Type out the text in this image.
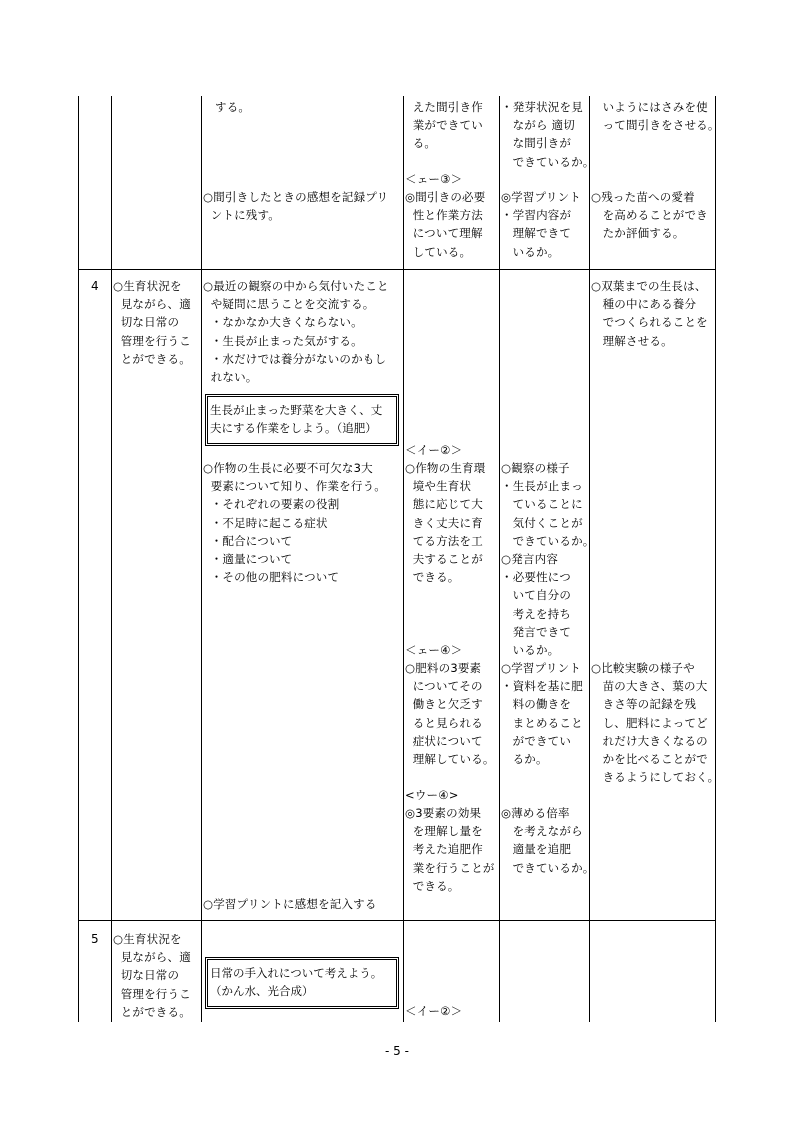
する。
○間引きしたときの感想を記録プリ
ントに残す。
えた間引き作
業ができてい
る。
＜ェー③＞
◎間引きの必要
性と作業方法
について理解
している。
・発芽状況を見
ながら 適切
な間引きが
できているか。
◎学習プリント
・学習内容が
理解できて
いるか。
いようにはさみを使
って間引きをさせる。
○残った苗への愛着
を高めることができ
たか評価する。
4 ○生育状況を
見ながら、適
切な日常の
管理を行うこ
とができる。
○最近の観察の中から気付いたこと
や疑問に思うことを交流する。
・なかなか大きくならない。
・生長が止まった気がする。
・水だけでは養分がないのかもし
れない。
生長が止まった野菜を大きく、丈
夫にする作業をしよう。（追肥）
○作物の生長に必要不可欠な3大
要素について知り、作業を行う。
・それぞれの要素の役割
・不足時に起こる症状
・配合について
・適量について
・その他の肥料について
○学習プリントに感想を記入する
＜イー②＞
○作物の生育環
境や生育状
態に応じて大
きく丈夫に育
てる方法を工
夫することが
できる。
＜ェー④＞
○肥料の3要素
についてその
働きと欠乏す
ると見られる
症状について
理解している。
<ウー④>
◎3要素の効果
を理解し量を
考えた追肥作
業を行うことが
できる。
○観察の様子
・生長が止まっ
ていることに
気付くことが
できているか。
○発言内容
・必要性につ
いて自分の
考えを持ち
発言できて
いるか。
○学習プリント
・資料を基に肥
料の働きを
まとめること
ができてい
るか。
◎薄める倍率
を考えながら
適量を追肥
できているか。
○双葉までの生長は、
種の中にある養分
でつくられることを
理解させる。
○比較実験の様子や
苗の大きさ、葉の大
きさ等の記録を残
し、肥料によってど
れだけ大きくなるの
かを比べることがで
きるようにしておく。
5 ○生育状況を
見ながら、適
切な日常の
管理を行うこ
とができる。
日常の手入れについて考えよう。
（かん水、光合成）
＜イー②＞
- 5 -
